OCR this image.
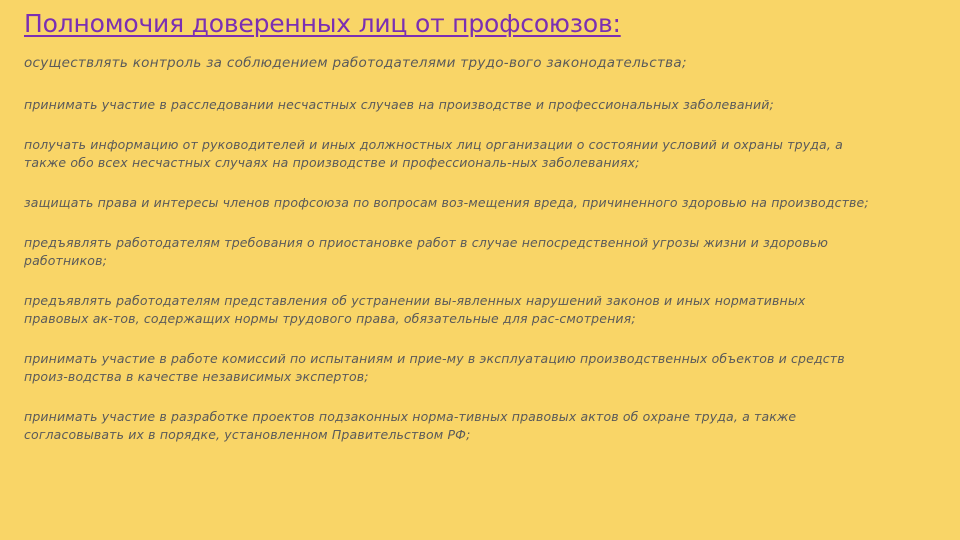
Полномочия доверенных лиц от профсоюзов:
осуществлять контроль за соблюдением работодателями трудо-вого законодательства;
принимать участие в расследовании несчастных случаев на производстве и профессиональных заболеваний;
получать информацию от руководителей и иных должностных лиц организации о состоянии условий и охраны труда, а также обо всех несчастных случаях на производстве и профессиональ-ных заболеваниях;
защищать права и интересы членов профсоюза по вопросам воз-мещения вреда, причиненного здоровью на производстве;
предъявлять работодателям требования о приостановке работ в случае непосредственной угрозы жизни и здоровью работников;
предъявлять работодателям представления об устранении вы-явленных нарушений законов и иных нормативных правовых ак-тов, содержащих нормы трудового права, обязательные для рас-смотрения;
принимать участие в работе комиссий по испытаниям и прие-му в эксплуатацию производственных объектов и средств произ-водства в качестве независимых экспертов;
принимать участие в разработке проектов подзаконных норма-тивных правовых актов об охране труда, а также согласовывать их в порядке, установленном Правительством РФ;
